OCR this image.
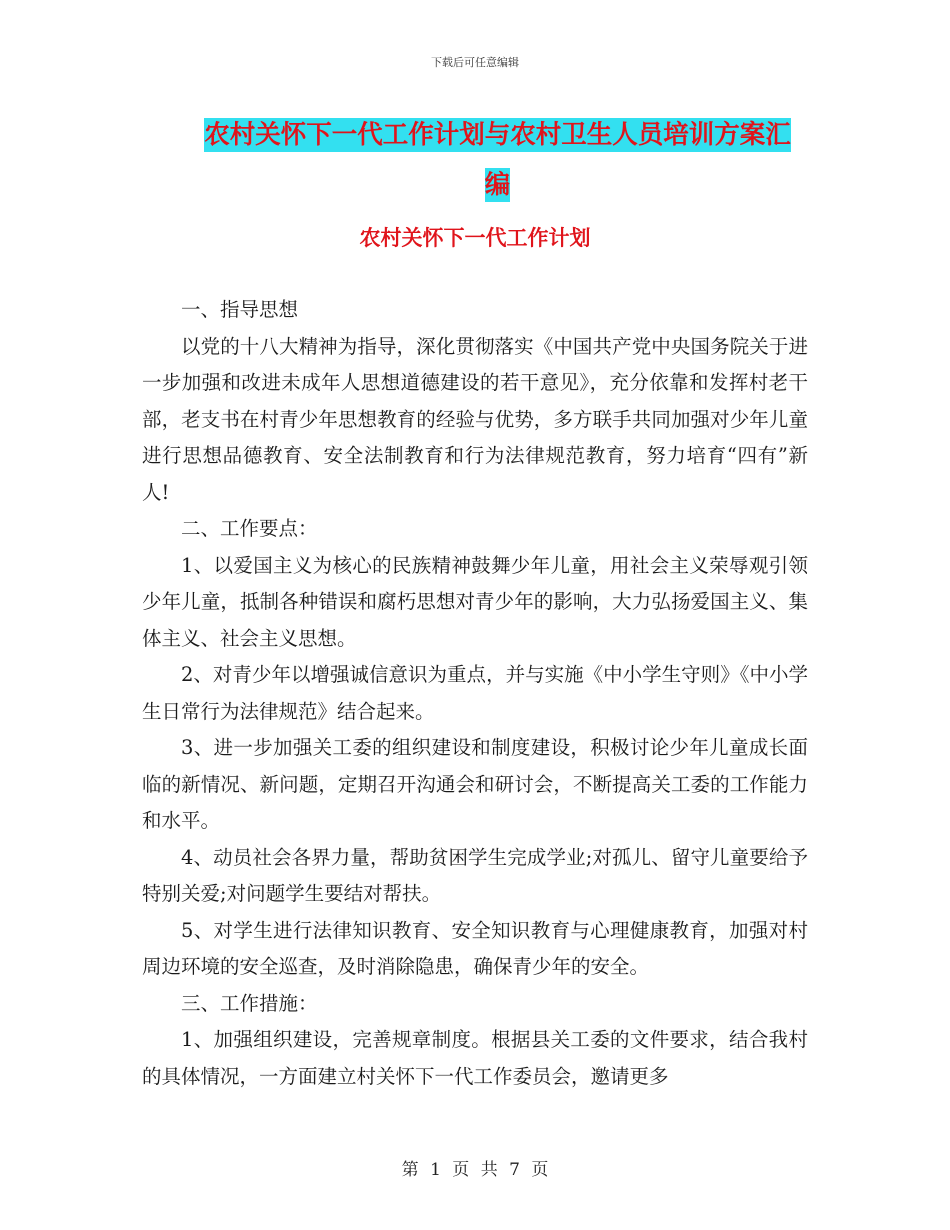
下载后可任意编辑
农村关怀下一代工作计划与农村卫生人员培训方案汇
编
农村关怀下一代工作计划

一、指导思想

以党的十八大精神为指导，深化贯彻落实《中国共产党中央国务院关于进一步加强和改进未成年人思想道德建设的若干意见》，充分依靠和发挥村老干部，老支书在村青少年思想教育的经验与优势，多方联手共同加强对少年儿童进行思想品德教育、安全法制教育和行为法律规范教育，努力培育“四有”新人!

二、工作要点：

1、以爱国主义为核心的民族精神鼓舞少年儿童，用社会主义荣辱观引领少年儿童，抵制各种错误和腐朽思想对青少年的影响，大力弘扬爱国主义、集体主义、社会主义思想。

2、对青少年以增强诚信意识为重点，并与实施《中小学生守则》《中小学生日常行为法律规范》结合起来。

3、进一步加强关工委的组织建设和制度建设，积极讨论少年儿童成长面临的新情况、新问题，定期召开沟通会和研讨会，不断提高关工委的工作能力和水平。

4、动员社会各界力量，帮助贫困学生完成学业;对孤儿、留守儿童要给予特别关爱;对问题学生要结对帮扶。

5、对学生进行法律知识教育、安全知识教育与心理健康教育，加强对村周边环境的安全巡查，及时消除隐患，确保青少年的安全。

三、工作措施：

1、加强组织建设，完善规章制度。根据县关工委的文件要求，结合我村的具体情况，一方面建立村关怀下一代工作委员会，邀请更多

第 1 页 共 7 页
